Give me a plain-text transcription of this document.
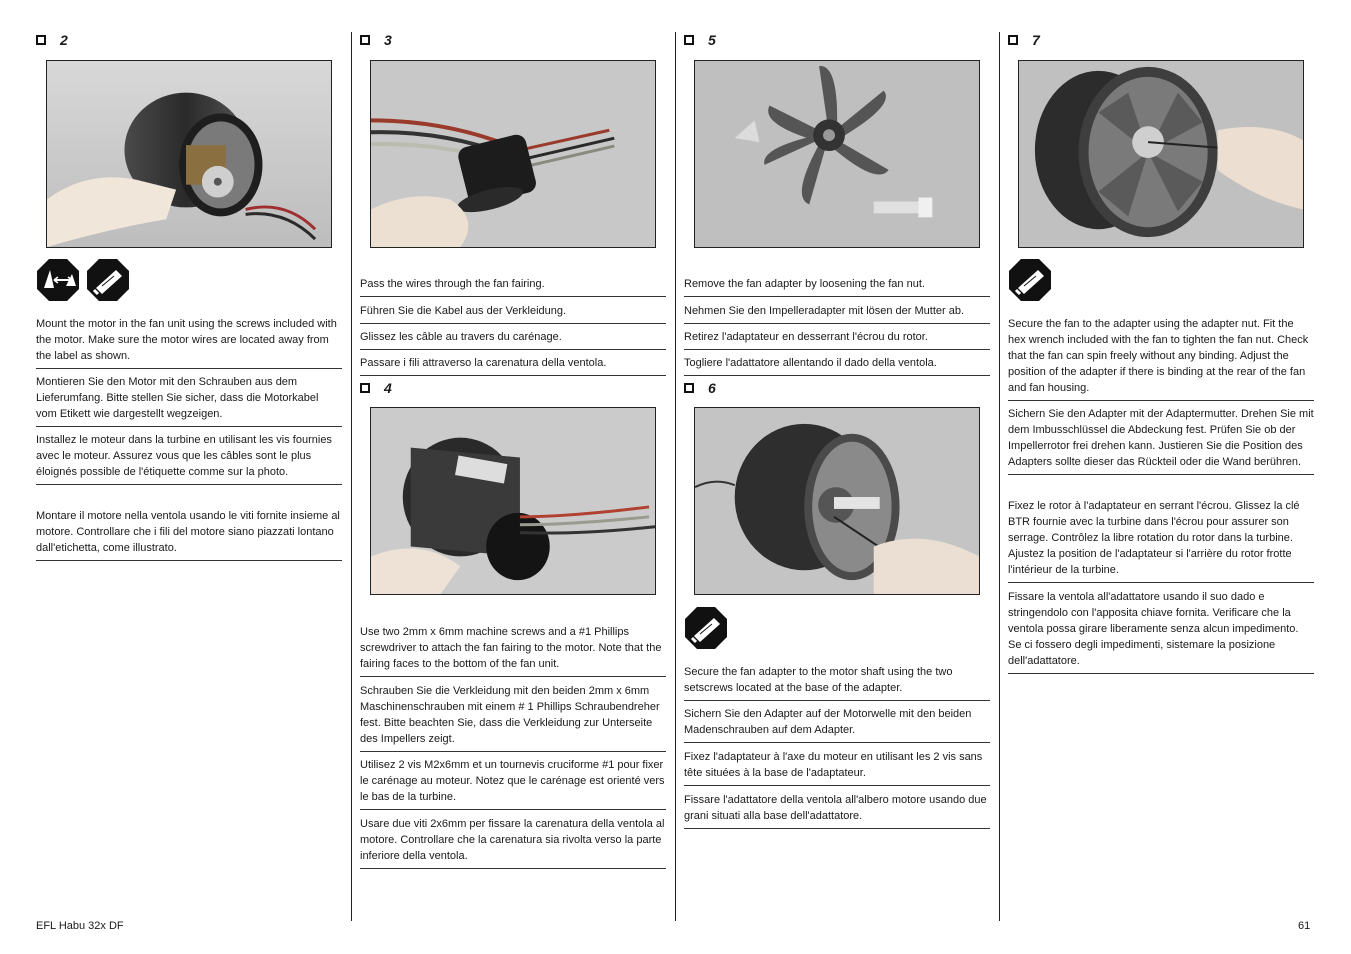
2
Mount the motor in the fan unit using the screws included with the motor. Make sure the motor wires are located away from the label as shown.
Montieren Sie den Motor mit den Schrauben aus dem Lieferumfang. Bitte stellen Sie sicher, dass die Motorkabel vom Etikett wie dargestellt wegzeigen.
Installez le moteur dans la turbine en utilisant les vis fournies avec le moteur. Assurez vous que les câbles sont le plus éloignés possible de l'étiquette comme sur la photo.
Montare il motore nella ventola usando le viti fornite insieme al motore. Controllare che i fili del motore siano piazzati lontano dall'etichetta, come illustrato.
3
Pass the wires through the fan fairing.
Führen Sie die Kabel aus der Verkleidung.
Glissez les câble au travers du carénage.
Passare i fili attraverso la carenatura della ventola.
4
Use two 2mm x 6mm machine screws and a #1 Phillips screwdriver to attach the fan fairing to the motor. Note that the fairing faces to the bottom of the fan unit.
Schrauben Sie die Verkleidung mit den beiden 2mm x 6mm Maschinenschrauben mit einem # 1 Phillips Schraubendreher fest. Bitte beachten Sie, dass die Verkleidung zur Unterseite des Impellers zeigt.
Utilisez 2 vis M2x6mm et un tournevis cruciforme #1 pour fixer le carénage au moteur. Notez que le carénage est orienté vers le bas de la turbine.
Usare due viti 2x6mm per fissare la carenatura della ventola al motore. Controllare che la carenatura sia rivolta verso la parte inferiore della ventola.
5
Remove the fan adapter by loosening the fan nut.
Nehmen Sie den Impelleradapter mit lösen der Mutter ab.
Retirez l'adaptateur en desserrant l'écrou du rotor.
Togliere l'adattatore allentando il dado della ventola.
6
Secure the fan adapter to the motor shaft using the two setscrews located at the base of the adapter.
Sichern Sie den Adapter auf der Motorwelle mit den beiden Madenschrauben auf dem Adapter.
Fixez l'adaptateur à l'axe du moteur en utilisant les 2 vis sans tête situées à la base de l'adaptateur.
Fissare l'adattatore della ventola all'albero motore usando due grani situati alla base dell'adattatore.
7
Secure the fan to the adapter using the adapter nut. Fit the hex wrench included with the fan to tighten the fan nut. Check that the fan can spin freely without any binding. Adjust the position of the adapter if there is binding at the rear of the fan and fan housing.
Sichern Sie den Adapter mit der Adaptermutter. Drehen Sie mit dem Imbusschlüssel die Abdeckung fest. Prüfen Sie ob der Impellerrotor frei drehen kann. Justieren Sie die Position des Adapters sollte dieser das Rückteil oder die Wand berühren.
Fixez le rotor à l'adaptateur en serrant l'écrou. Glissez la clé BTR fournie avec la turbine dans l'écrou pour assurer son serrage. Contrôlez la libre rotation du rotor dans la turbine. Ajustez la position de l'adaptateur si l'arrière du rotor frotte l'intérieur de la turbine.
Fissare la ventola all'adattatore usando il suo dado e stringendolo con l'apposita chiave fornita. Verificare che la ventola possa girare liberamente senza alcun impedimento. Se ci fossero degli impedimenti, sistemare la posizione dell'adattatore.
EFL Habu 32x DF	61
